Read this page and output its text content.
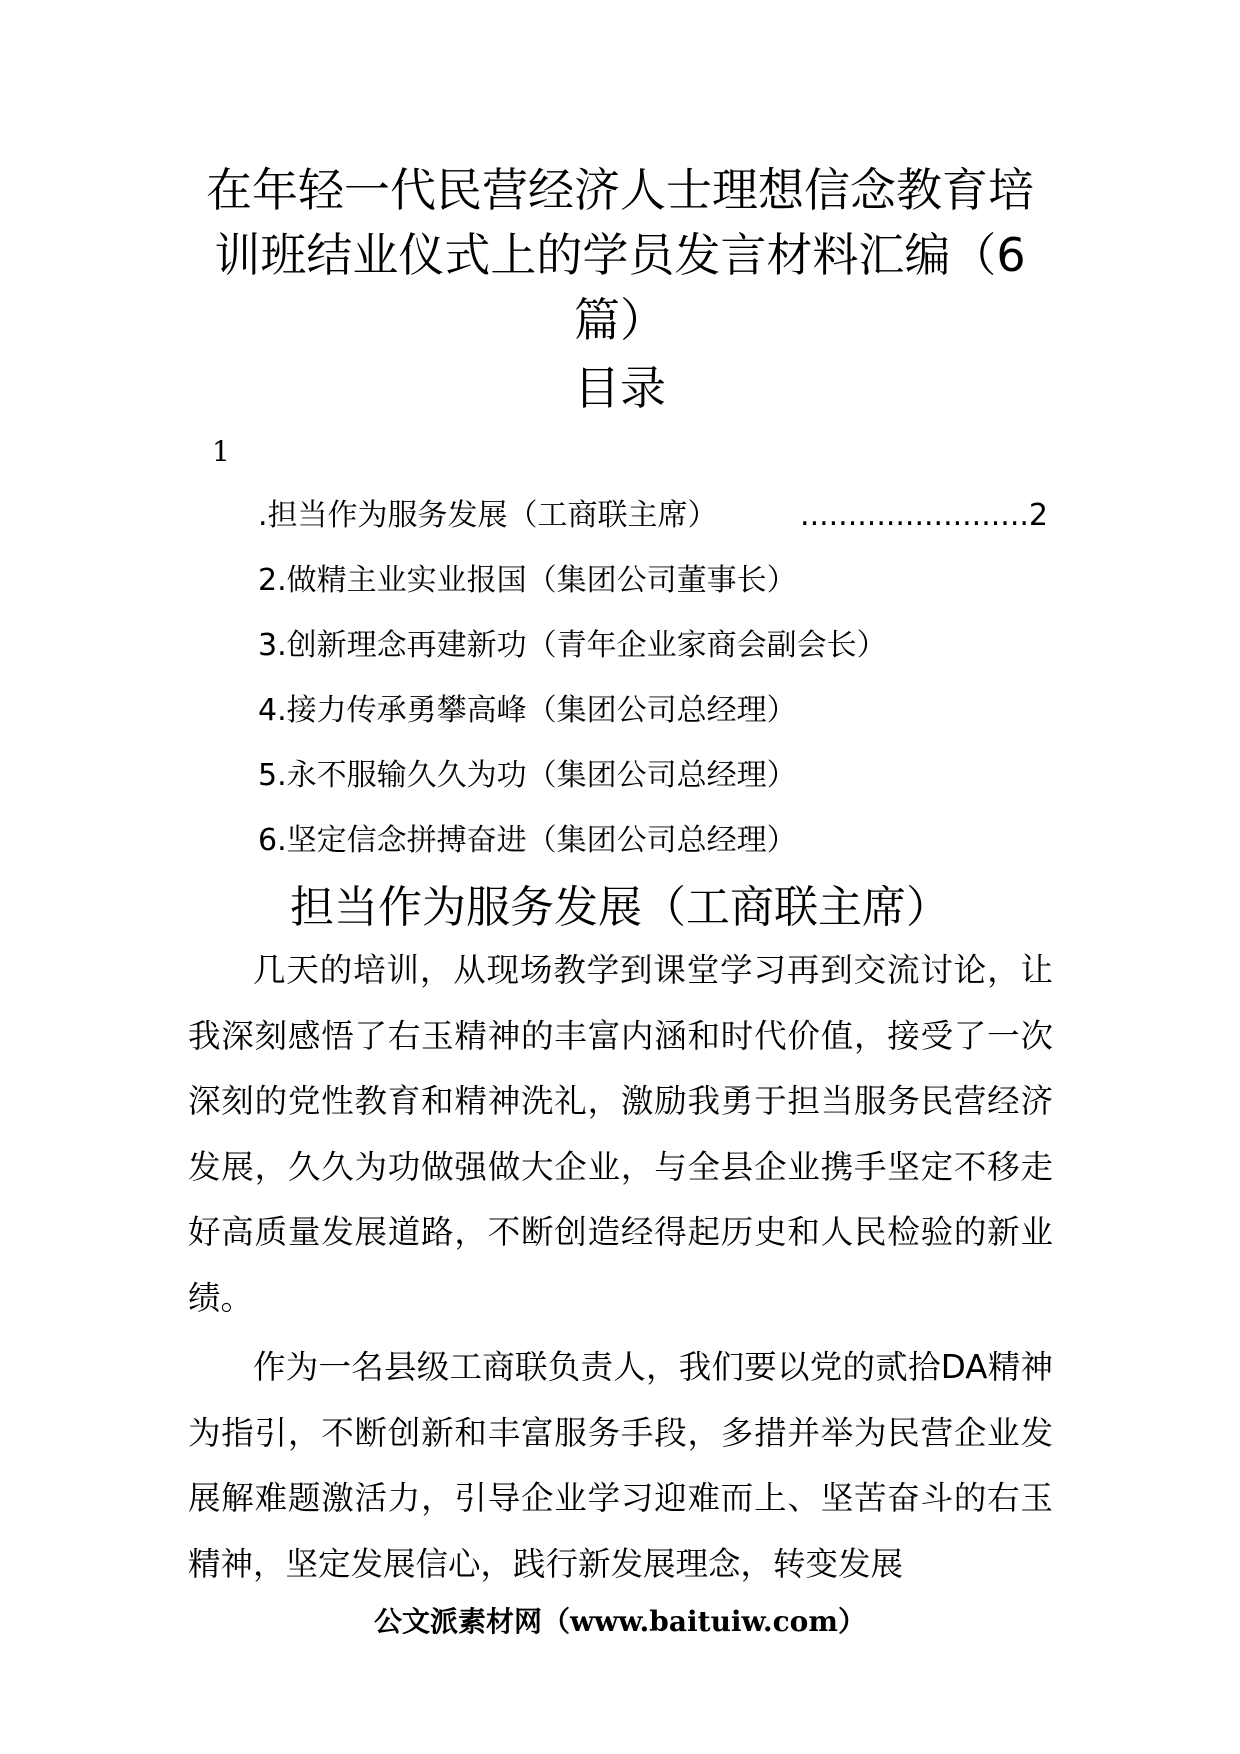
在年轻一代民营经济人士理想信念教育培训班结业仪式上的学员发言材料汇编（6篇）
目录
1
.担当作为服务发展（工商联主席）	........................2
2.做精主业实业报国（集团公司董事长）
3.创新理念再建新功（青年企业家商会副会长）
4.接力传承勇攀高峰（集团公司总经理）
5.永不服输久久为功（集团公司总经理）
6.坚定信念拼搏奋进（集团公司总经理）
担当作为服务发展（工商联主席）

几天的培训，从现场教学到课堂学习再到交流讨论，让我深刻感悟了右玉精神的丰富内涵和时代价值，接受了一次深刻的党性教育和精神洗礼，激励我勇于担当服务民营经济发展，久久为功做强做大企业，与全县企业携手坚定不移走好高质量发展道路，不断创造经得起历史和人民检验的新业绩。

作为一名县级工商联负责人，我们要以党的贰拾DA精神为指引，不断创新和丰富服务手段，多措并举为民营企业发展解难题激活力，引导企业学习迎难而上、坚苦奋斗的右玉精神，坚定发展信心，践行新发展理念，转变发展

公文派素材网（www.baituiw.com）
